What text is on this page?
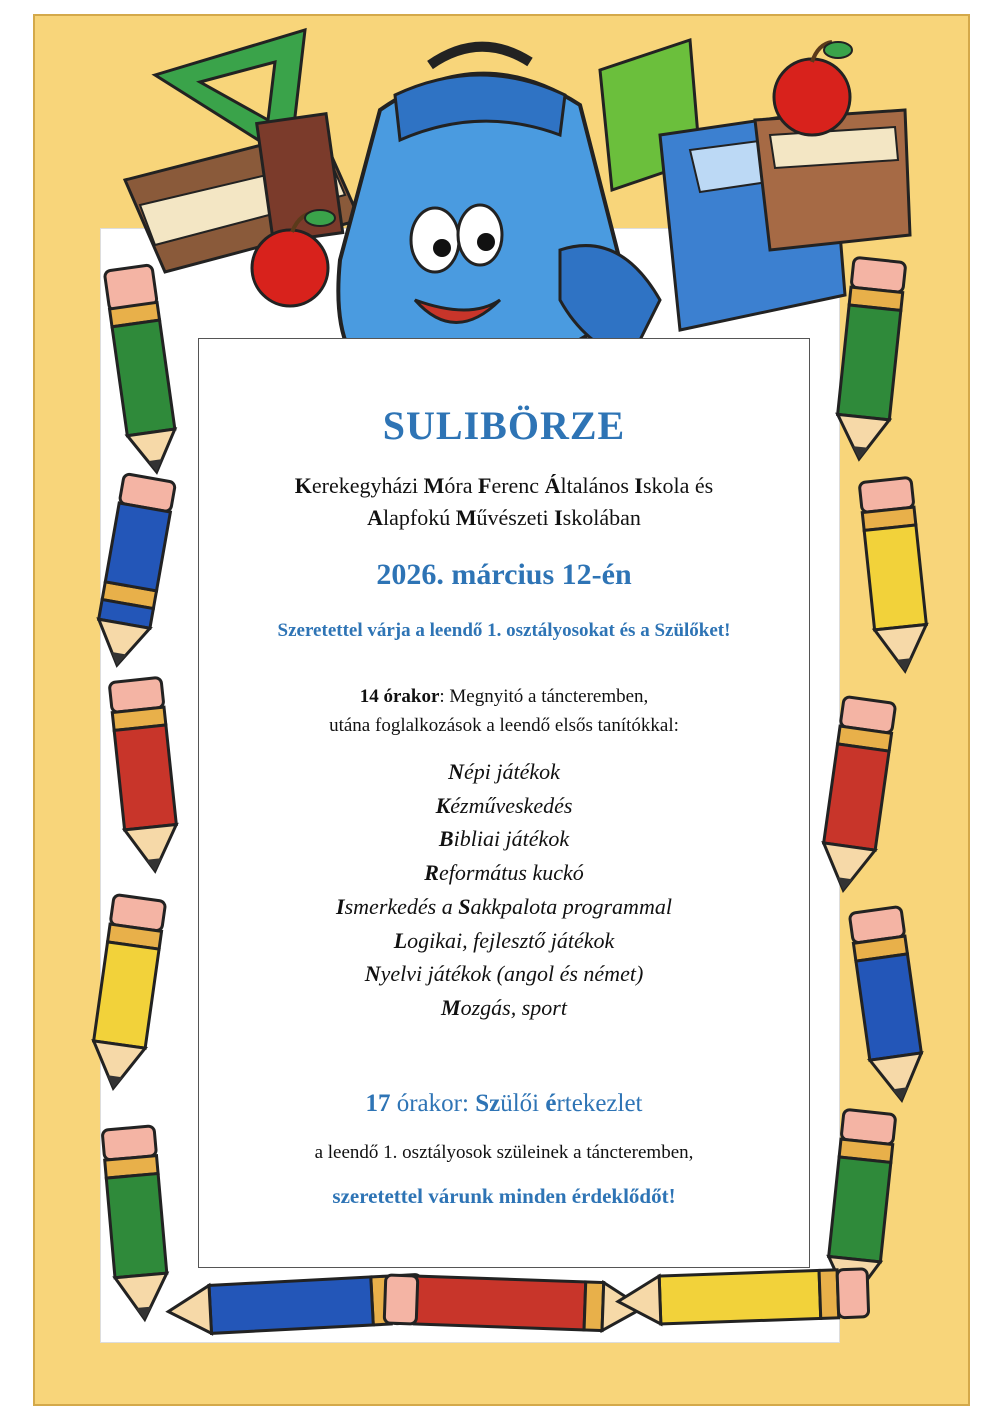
SULIBÖRZE
Kerekegyházi Móra Ferenc Általános Iskola és
Alapfokú Művészeti Iskolában
2026. március 12-én
Szeretettel várja a leendő 1. osztályosokat és a Szülőket!
14 órakor: Megnyitó a táncteremben,
utána foglalkozások a leendő elsős tanítókkal:
Népi játékok
Kézműveskedés
Bibliai játékok
Református kuckó
Ismerkedés a Sakkpalota programmal
Logikai, fejlesztő játékok
Nyelvi játékok (angol és német)
Mozgás, sport
17 órakor: Szülői értekezlet
a leendő 1. osztályosok szüleinek a táncteremben,
szeretettel várunk minden érdeklődőt!
